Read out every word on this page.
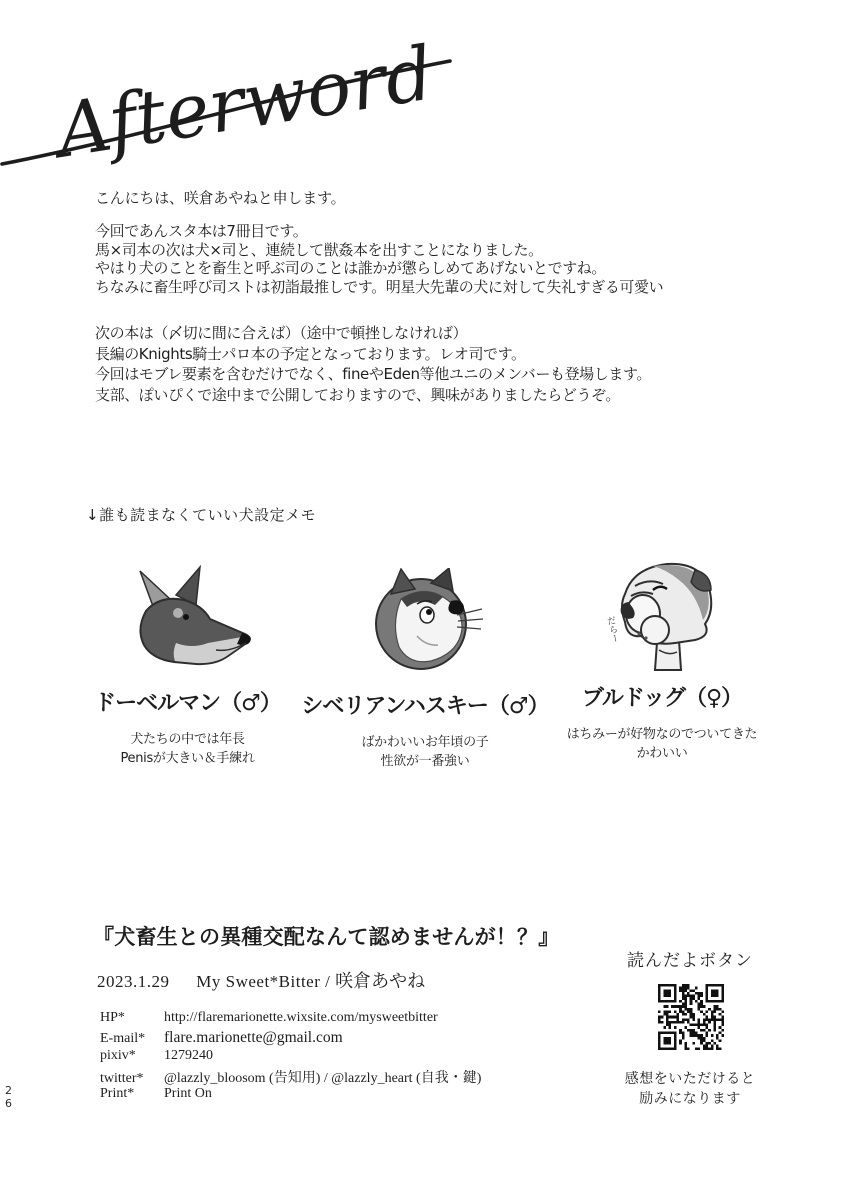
Afterword
こんにちは、咲倉あやねと申します。
今回であんスタ本は7冊目です。
馬×司本の次は犬×司と、連続して獣姦本を出すことになりました。
やはり犬のことを畜生と呼ぶ司のことは誰かが懲らしめてあげないとですね。
ちなみに畜生呼び司ストは初詣最推しです。明星大先輩の犬に対して失礼すぎる可愛い
次の本は（〆切に間に合えば）（途中で頓挫しなければ）
長編のKnights騎士パロ本の予定となっております。レオ司です。
今回はモブレ要素を含むだけでなく、fineやEden等他ユニのメンバーも登場します。
支部、ぽいぴくで途中まで公開しておりますので、興味がありましたらどうぞ。
↓誰も読まなくていい犬設定メモ
ドーベルマン（♂）
犬たちの中では年長
Penisが大きい＆手練れ
シベリアンハスキー（♂）
ばかわいいお年頃の子
性欲が一番強い
だらー
ブルドッグ（♀）
はちみーが好物なのでついてきた
かわいい
『犬畜生との異種交配なんて認めませんが！？』
2023.1.29 My Sweet*Bitter / 咲倉あやね
HP*	http://flaremarionette.wixsite.com/mysweetbitter
E-mail*	flare.marionette@gmail.com
pixiv*	1279240
twitter*	@lazzly_bloosom (告知用) / @lazzly_heart (自我・鍵)
Print*	Print On
読んだよボタン
感想をいただけると
励みになります
26
